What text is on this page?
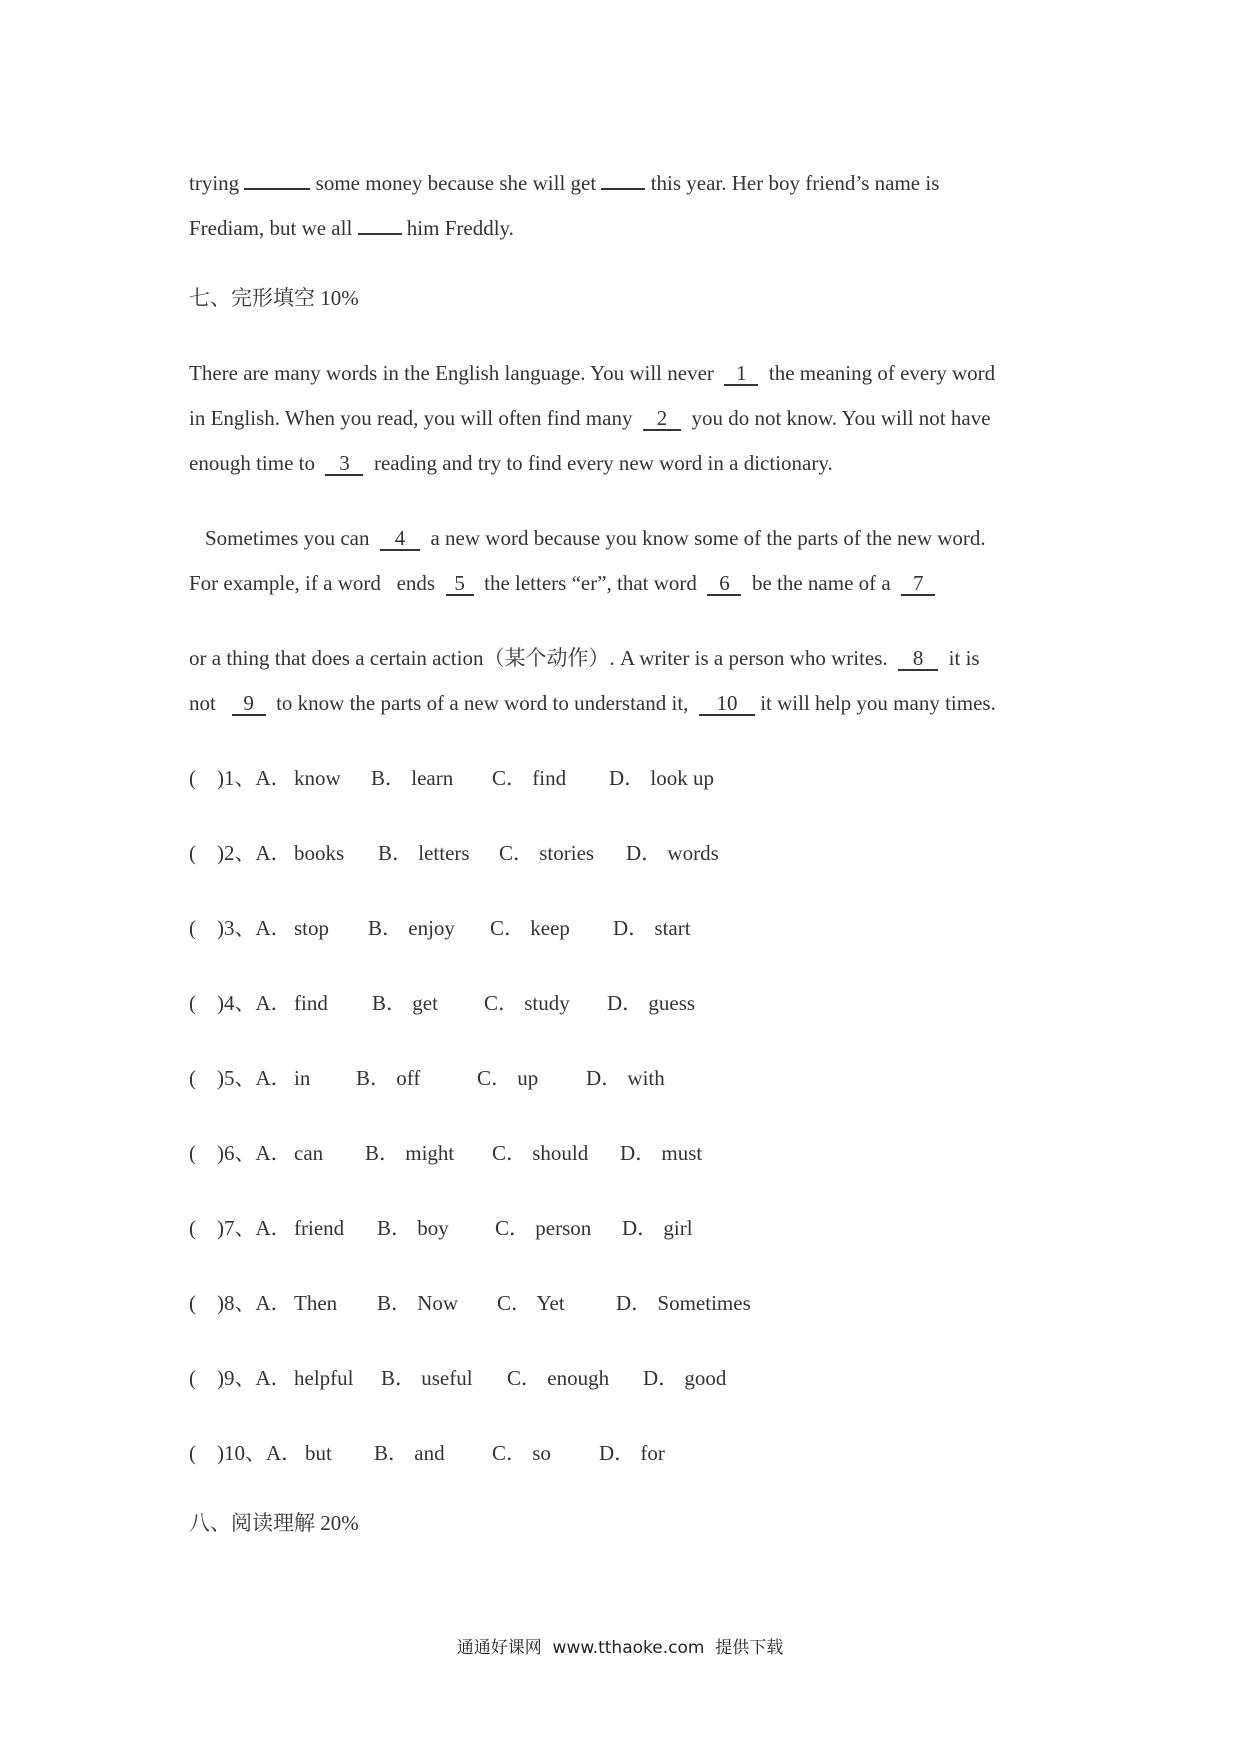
trying	some money because she will get	this year. Her boy friend’s name is
Frediam, but we all	him Freddly.
七、完形填空 10%
There are many words in the English language. You will never 1 the meaning of every word
in English. When you read, you will often find many 2 you do not know. You will not have
enough time to 3 reading and try to find every new word in a dictionary.
Sometimes you can 4 a new word because you know some of the parts of the new word.
For example, if a word   ends 5 the letters “er”, that word 6 be the name of a 7
or a thing that does a certain action（某个动作）. A writer is a person who writes. 8 it is
not 9 to know the parts of a new word to understand it, 10 it will help you many times.
(    )1、A． know B． learn C． find D． look up
(    )2、A． books B． letters C． stories D． words
(    )3、A． stop B． enjoy C． keep D． start
(    )4、A． find B． get C． study D． guess
(    )5、A． in B． off	C． up D． with
(    )6、A． can B． might C． should D． must
(    )7、A． friend B． boy C． person D． girl
(    )8、A． Then B． Now C． Yet D． Sometimes
(    )9、A． helpful B． useful C． enough D． good
(    )10、A． but B． and C． so D． for
八、阅读理解 20%
通通好课网  www.tthaoke.com  提供下载
